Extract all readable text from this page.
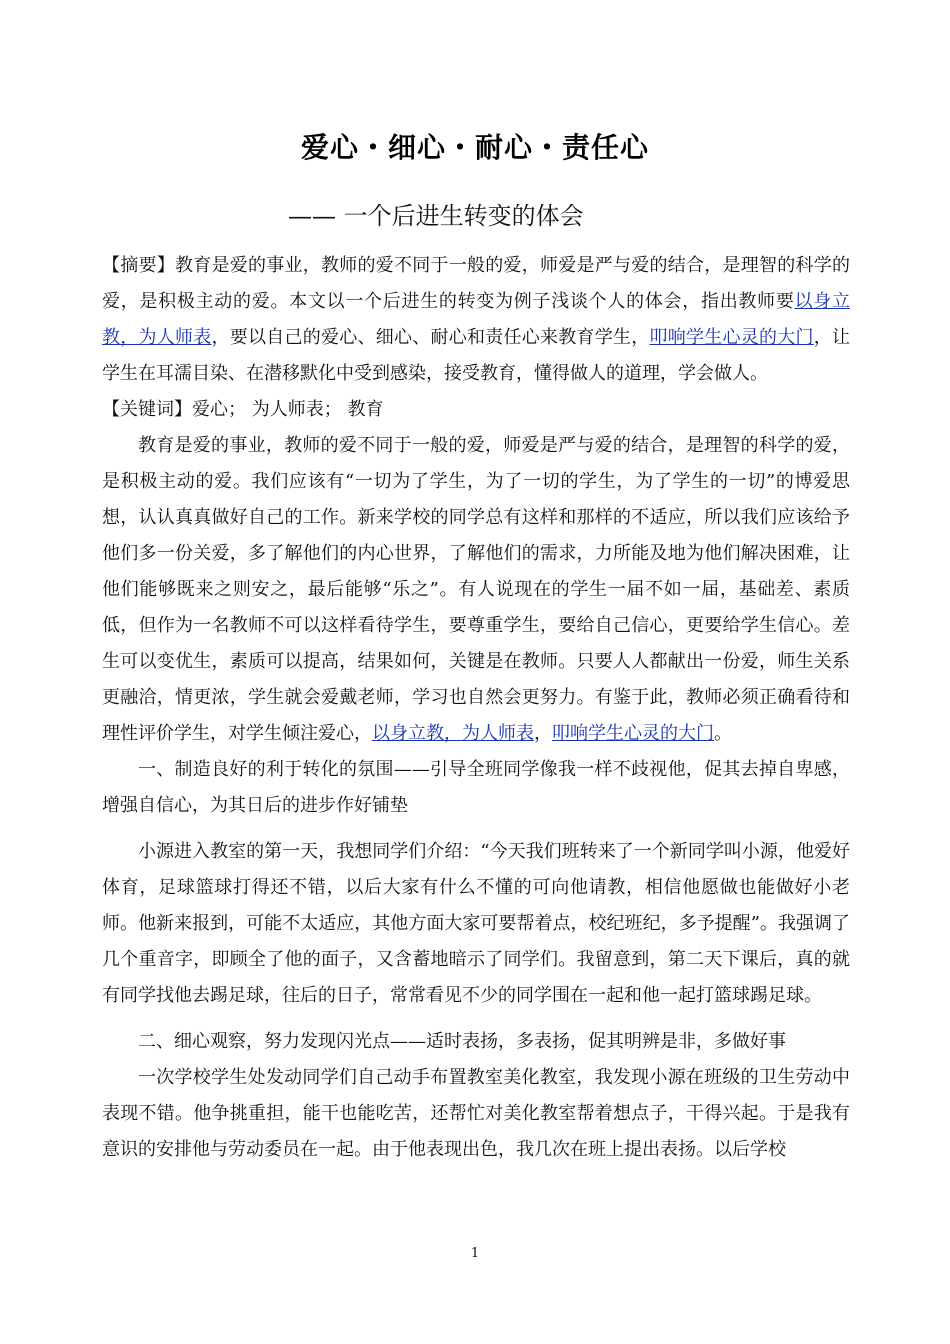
爱心・细心・耐心・责任心
—— 一个后进生转变的体会

【摘要】教育是爱的事业，教师的爱不同于一般的爱，师爱是严与爱的结合，是理智的科学的爱，是积极主动的爱。本文以一个后进生的转变为例子浅谈个人的体会，指出教师要以身立教，为人师表，要以自己的爱心、细心、耐心和责任心来教育学生，叩响学生心灵的大门，让学生在耳濡目染、在潜移默化中受到感染，接受教育，懂得做人的道理，学会做人。

【关键词】爱心； 为人师表； 教育

教育是爱的事业，教师的爱不同于一般的爱，师爱是严与爱的结合，是理智的科学的爱，是积极主动的爱。我们应该有“一切为了学生，为了一切的学生，为了学生的一切”的博爱思想，认认真真做好自己的工作。新来学校的同学总有这样和那样的不适应，所以我们应该给予他们多一份关爱，多了解他们的内心世界，了解他们的需求，力所能及地为他们解决困难，让他们能够既来之则安之，最后能够“乐之”。有人说现在的学生一届不如一届，基础差、素质低，但作为一名教师不可以这样看待学生，要尊重学生，要给自己信心，更要给学生信心。差生可以变优生，素质可以提高，结果如何，关键是在教师。只要人人都献出一份爱，师生关系更融洽，情更浓，学生就会爱戴老师，学习也自然会更努力。有鉴于此，教师必须正确看待和理性评价学生，对学生倾注爱心，以身立教，为人师表，叩响学生心灵的大门。

一、制造良好的利于转化的氛围——引导全班同学像我一样不歧视他，促其去掉自卑感，增强自信心，为其日后的进步作好铺垫

小源进入教室的第一天，我想同学们介绍：“今天我们班转来了一个新同学叫小源，他爱好体育，足球篮球打得还不错，以后大家有什么不懂的可向他请教，相信他愿做也能做好小老师。他新来报到，可能不太适应，其他方面大家可要帮着点，校纪班纪，多予提醒”。我强调了几个重音字，即顾全了他的面子，又含蓄地暗示了同学们。我留意到，第二天下课后，真的就有同学找他去踢足球，往后的日子，常常看见不少的同学围在一起和他一起打篮球踢足球。

二、细心观察，努力发现闪光点——适时表扬，多表扬，促其明辨是非，多做好事

一次学校学生处发动同学们自己动手布置教室美化教室，我发现小源在班级的卫生劳动中表现不错。他争挑重担，能干也能吃苦，还帮忙对美化教室帮着想点子，干得兴起。于是我有意识的安排他与劳动委员在一起。由于他表现出色，我几次在班上提出表扬。以后学校

1
